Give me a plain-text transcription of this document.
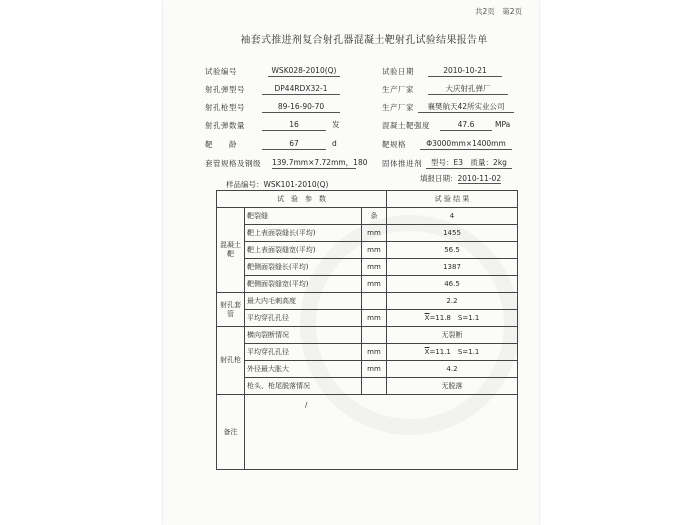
共2页　第2页
袖套式推进剂复合射孔器混凝土靶射孔试验结果报告单
试验编号	WSK028-2010(Q)
射孔弹型号	DP44RDX32-1
射孔枪型号	89-16-90-70
射孔弹数量	16	发
靶　　龄	67	d
套管规格及钢级 139.7mm×7.72mm，180
试验日期	2010-10-21
生产厂家	大庆射孔弹厂
生产厂家	襄樊航天42所实业公司
混凝土靶强度	47.6	MPa
靶规格	Φ3000mm×1400mm
固体推进剂	型号：E3　质量：2kg
样品编号：WSK101-2010(Q)
填报日期：2010-11-02
试　验　参　数			试 验 结 果
混凝土靶	靶裂缝	条	4
	靶上表面裂缝长(平均)	mm	1455
	靶上表面裂缝宽(平均)	mm	56.5
	靶侧面裂缝长(平均)	mm	1387
	靶侧面裂缝宽(平均)	mm	46.5
射孔套管	最大内毛刺高度		2.2
	平均穿孔孔径	mm	$\overline{X}=11.8$　S=1.1
射孔枪	横向裂断情况		无裂断
	平均穿孔孔径	mm	$\overline{X}=11.1$　S=1.1
	外径最大胀大	mm	4.2
	枪头、枪尾脱落情况		无脱落
备注	/		
